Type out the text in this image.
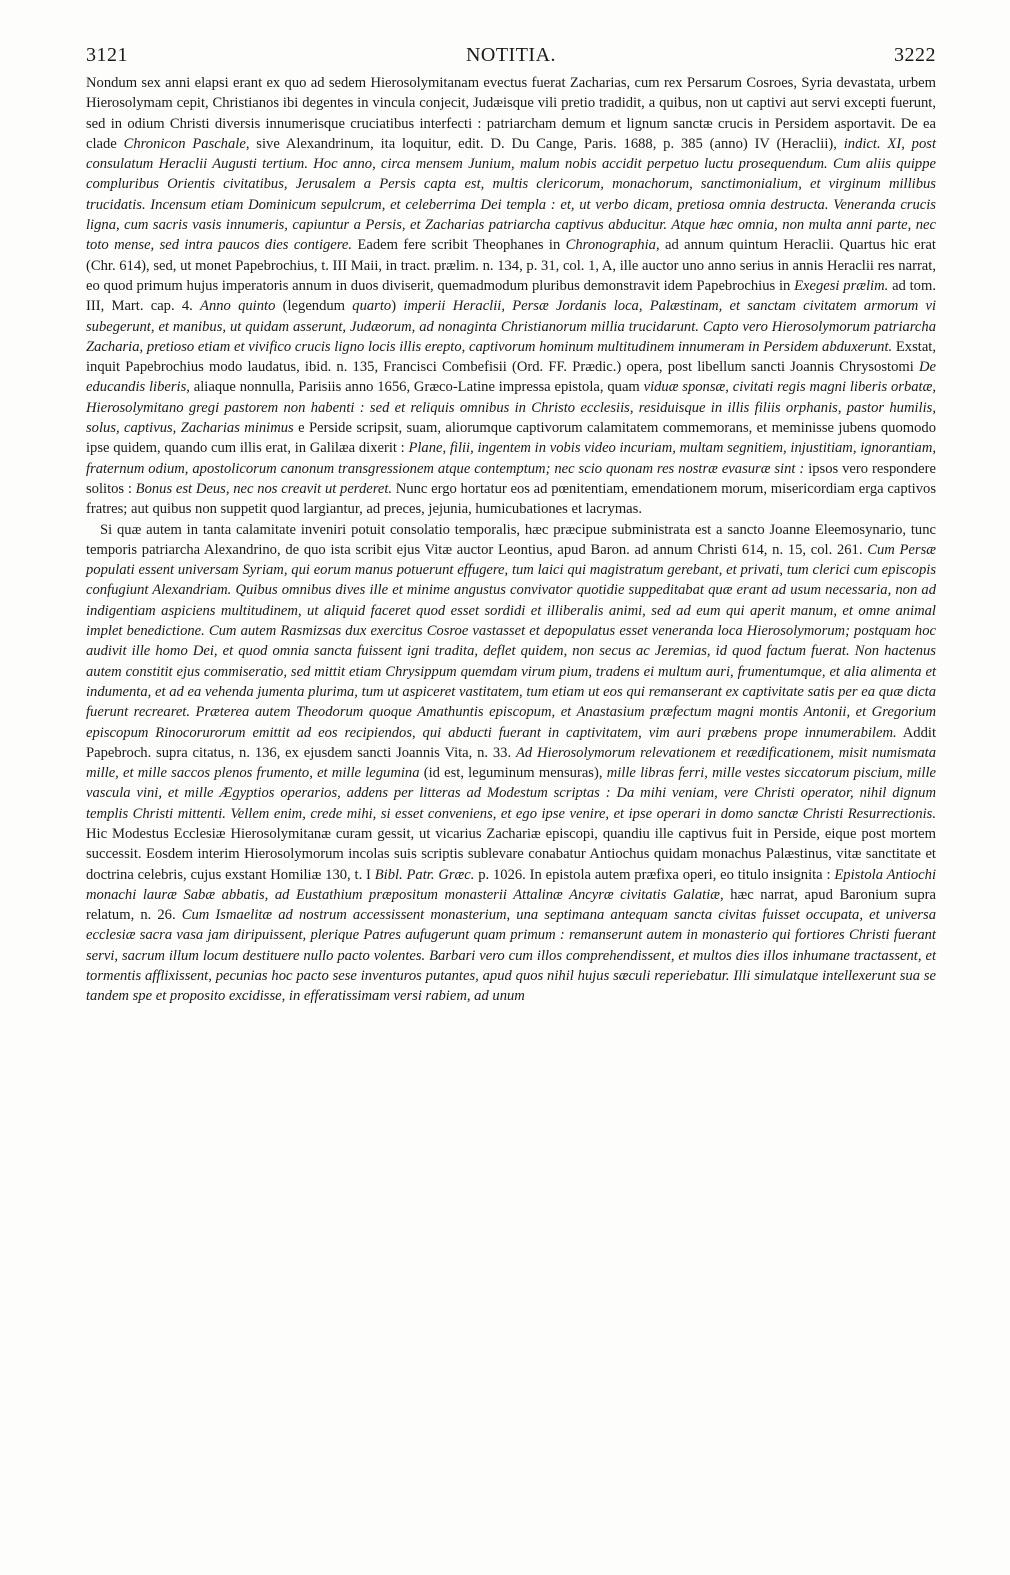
3121	NOTITIA.	3222

Nondum sex anni elapsi erant ex quo ad sedem Hierosolymitanam evectus fuerat Zacharias, cum rex Persarum Cosroes, Syria devastata, urbem Hierosolymam cepit, Christianos ibi degentes in vincula conjecit, Judæisque vili pretio tradidit, a quibus, non ut captivi aut servi excepti fuerunt, sed in odium Christi diversis innumerisque cruciatibus interfecti : patriarcham demum et lignum sanctæ crucis in Persidem asportavit. De ea clade Chronicon Paschale, sive Alexandrinum, ita loquitur, edit. D. Du Cange, Paris. 1688, p. 385 (anno) IV (Heraclii), indict. XI, post consulatum Heraclii Augusti tertium. Hoc anno, circa mensem Junium, malum nobis accidit perpetuo luctu prosequendum. Cum aliis quippe compluribus Orientis civitatibus, Jerusalem a Persis capta est, multis clericorum, monachorum, sanctimonialium, et virginum millibus trucidatis. Incensum etiam Dominicum sepulcrum, et celeberrima Dei templa : et, ut verbo dicam, pretiosa omnia destructa. Veneranda crucis ligna, cum sacris vasis innumeris, capiuntur a Persis, et Zacharias patriarcha captivus abducitur. Atque hæc omnia, non multa anni parte, nec toto mense, sed intra paucos dies contigere. Eadem fere scribit Theophanes in Chronographia, ad annum quintum Heraclii. Quartus hic erat (Chr. 614), sed, ut monet Papebrochius, t. III Maii, in tract. prælim. n. 134, p. 31, col. 1, A, ille auctor uno anno serius in annis Heraclii res narrat, eo quod primum hujus imperatoris annum in duos diviserit, quemadmodum pluribus demonstravit idem Papebrochius in Exegesi prælim. ad tom. III, Mart. cap. 4. Anno quinto (legendum quarto) imperii Heraclii, Persæ Jordanis loca, Palæstinam, et sanctam civitatem armorum vi subegerunt, et manibus, ut quidam asserunt, Judæorum, ad nonaginta Christianorum millia trucidarunt. Capto vero Hierosolymorum patriarcha Zacharia, pretioso etiam et vivifico crucis ligno locis illis erepto, captivorum hominum multitudinem innumeram in Persidem abduxerunt. Exstat, inquit Papebrochius modo laudatus, ibid. n. 135, Francisci Combefisii (Ord. FF. Prædic.) opera, post libellum sancti Joannis Chrysostomi De educandis liberis, aliaque nonnulla, Parisiis anno 1656, Græco-Latine impressa epistola, quam viduæ sponsæ, civitati regis magni liberis orbatæ, Hierosolymitano gregi pastorem non habenti : sed et reliquis omnibus in Christo ecclesiis, residuisque in illis filiis orphanis, pastor humilis, solus, captivus, Zacharias minimus e Perside scripsit, suam, aliorumque captivorum calamitatem commemorans, et meminisse jubens quomodo ipse quidem, quando cum illis erat, in Galilæa dixerit : Plane, filii, ingentem in vobis video incuriam, multam segnitiem, injustitiam, ignorantiam, fraternum odium, apostolicorum canonum transgressionem atque contemptum; nec scio quonam res nostræ evasuræ sint : ipsos vero respondere solitos : Bonus est Deus, nec nos creavit ut perderet. Nunc ergo hortatur eos ad pœnitentiam, emendationem morum, misericordiam erga captivos fratres; aut quibus non suppetit quod largiantur, ad preces, jejunia, humicubationes et lacrymas.

Si quæ autem in tanta calamitate inveniri potuit consolatio temporalis, hæc præcipue subministrata est a sancto Joanne Eleemosynario, tunc temporis patriarcha Alexandrino, de quo ista scribit ejus Vitæ auctor Leontius, apud Baron. ad annum Christi 614, n. 15, col. 261. Cum Persæ populati essent universam Syriam, qui eorum manus potuerunt effugere, tum laici qui magistratum gerebant, et privati, tum clerici cum episcopis confugiunt Alexandriam. Quibus omnibus dives ille et minime angustus convivator quotidie suppeditabat quæ erant ad usum necessaria, non ad indigentiam aspiciens multitudinem, ut aliquid faceret quod esset sordidi et illiberalis animi, sed ad eum qui aperit manum, et omne animal implet benedictione. Cum autem Rasmizsas dux exercitus Cosroe vastasset et depopulatus esset veneranda loca Hierosolymorum; postquam hoc audivit ille homo Dei, et quod omnia sancta fuissent igni tradita, deflet quidem, non secus ac Jeremias, id quod factum fuerat. Non hactenus autem constitit ejus commiseratio, sed mittit etiam Chrysippum quemdam virum pium, tradens ei multum auri, frumentumque, et alia alimenta et indumenta, et ad ea vehenda jumenta plurima, tum ut aspiceret vastitatem, tum etiam ut eos qui remanserant ex captivitate satis per ea quæ dicta fuerunt recrearet. Præterea autem Theodorum quoque Amathuntis episcopum, et Anastasium præfectum magni montis Antonii, et Gregorium episcopum Rinocorurorum emittit ad eos recipiendos, qui abducti fuerant in captivitatem, vim auri præbens prope innumerabilem. Addit Papebroch. supra citatus, n. 136, ex ejusdem sancti Joannis Vita, n. 33. Ad Hierosolymorum relevationem et reædificationem, misit numismata mille, et mille saccos plenos frumento, et mille legumina (id est, leguminum mensuras), mille libras ferri, mille vestes siccatorum piscium, mille vascula vini, et mille Ægyptios operarios, addens per litteras ad Modestum scriptas : Da mihi veniam, vere Christi operator, nihil dignum templis Christi mittenti. Vellem enim, crede mihi, si esset conveniens, et ego ipse venire, et ipse operari in domo sanctæ Christi Resurrectionis. Hic Modestus Ecclesiæ Hierosolymitanæ curam gessit, ut vicarius Zachariæ episcopi, quandiu ille captivus fuit in Perside, eique post mortem successit. Eosdem interim Hierosolymorum incolas suis scriptis sublevare conabatur Antiochus quidam monachus Palæstinus, vitæ sanctitate et doctrina celebris, cujus exstant Homiliæ 130, t. I Bibl. Patr. Græc. p. 1026. In epistola autem præfixa operi, eo titulo insignita : Epistola Antiochi monachi lauræ Sabæ abbatis, ad Eustathium præpositum monasterii Attalinæ Ancyræ civitatis Galatiæ, hæc narrat, apud Baronium supra relatum, n. 26. Cum Ismaelitæ ad nostrum accessissent monasterium, una septimana antequam sancta civitas fuisset occupata, et universa ecclesiæ sacra vasa jam diripuissent, plerique Patres aufugerunt quam primum : remanserunt autem in monasterio qui fortiores Christi fuerant servi, sacrum illum locum destituere nullo pacto volentes. Barbari vero cum illos comprehendissent, et multos dies illos inhumane tractassent, et tormentis afflixissent, pecunias hoc pacto sese inventuros putantes, apud quos nihil hujus sæculi reperiebatur. Illi simulatque intellexerunt sua se tandem spe et proposito excidisse, in efferatissimam versi rabiem, ad unum
